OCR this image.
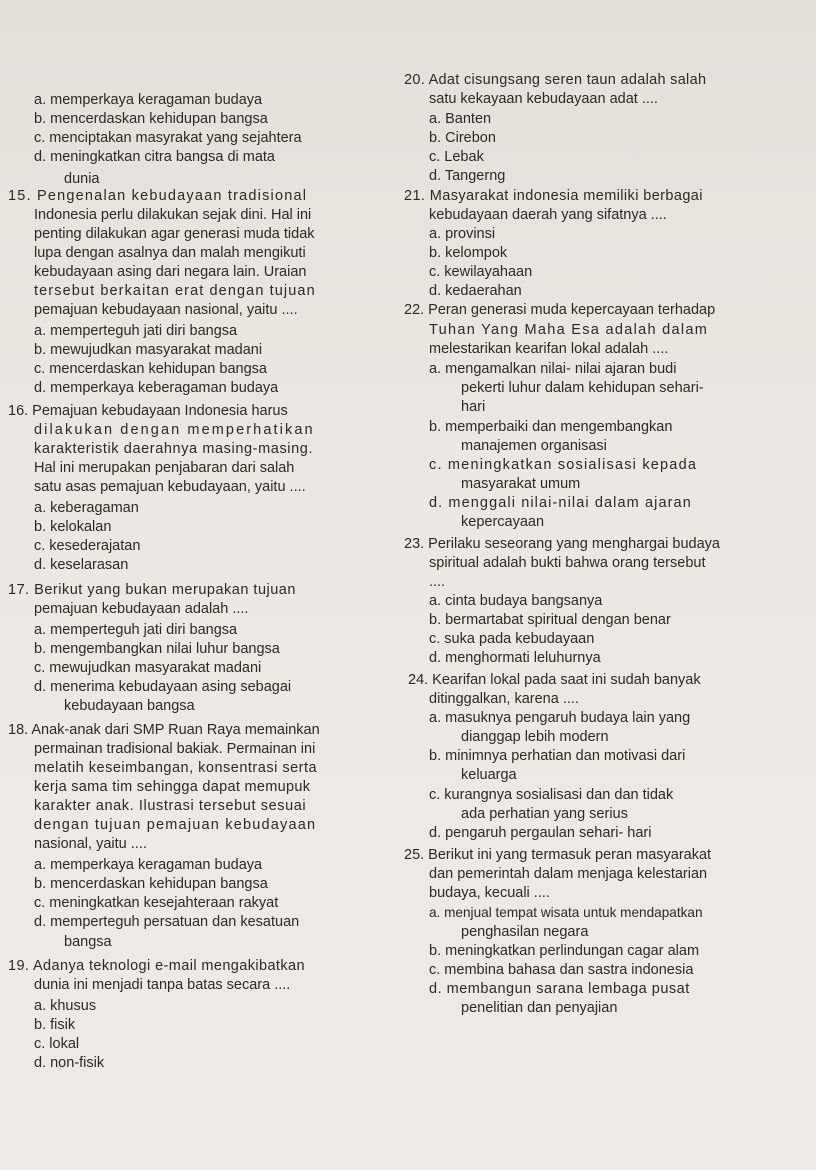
a. memperkaya keragaman budaya
b. mencerdaskan kehidupan bangsa
c. menciptakan masyrakat yang sejahtera
d. meningkatkan citra bangsa di mata
dunia
15. Pengenalan kebudayaan tradisional
Indonesia perlu dilakukan sejak dini. Hal ini
penting dilakukan agar generasi muda tidak
lupa dengan asalnya dan malah mengikuti
kebudayaan asing dari negara lain. Uraian
tersebut berkaitan erat dengan tujuan
pemajuan kebudayaan nasional, yaitu ....
a. memperteguh jati diri bangsa
b. mewujudkan masyarakat madani
c. mencerdaskan kehidupan bangsa
d. memperkaya keberagaman budaya
16. Pemajuan kebudayaan Indonesia harus
dilakukan dengan memperhatikan
karakteristik daerahnya masing-masing.
Hal ini merupakan penjabaran dari salah
satu asas pemajuan kebudayaan, yaitu ....
a. keberagaman
b. kelokalan
c. kesederajatan
d. keselarasan
17. Berikut yang bukan merupakan tujuan
pemajuan kebudayaan adalah ....
a. memperteguh jati diri bangsa
b. mengembangkan nilai luhur bangsa
c. mewujudkan masyarakat madani
d. menerima kebudayaan asing sebagai
kebudayaan bangsa
18. Anak-anak dari SMP Ruan Raya memainkan
permainan tradisional bakiak. Permainan ini
melatih keseimbangan, konsentrasi serta
kerja sama tim sehingga dapat memupuk
karakter anak. Ilustrasi tersebut sesuai
dengan tujuan pemajuan kebudayaan
nasional, yaitu ....
a. memperkaya keragaman budaya
b. mencerdaskan kehidupan bangsa
c. meningkatkan kesejahteraan rakyat
d. memperteguh persatuan dan kesatuan
bangsa
19. Adanya teknologi e-mail mengakibatkan
dunia ini menjadi tanpa batas secara ....
a. khusus
b. fisik
c. lokal
d. non-fisik
20. Adat cisungsang seren taun adalah salah
satu kekayaan kebudayaan adat ....
a. Banten
b. Cirebon
c. Lebak
d. Tangerng
21. Masyarakat indonesia memiliki berbagai
kebudayaan daerah yang sifatnya ....
a. provinsi
b. kelompok
c. kewilayahaan
d. kedaerahan
22. Peran generasi muda kepercayaan terhadap
Tuhan Yang Maha Esa adalah dalam
melestarikan kearifan lokal adalah ....
a. mengamalkan nilai- nilai ajaran budi
pekerti luhur dalam kehidupan sehari-
hari
b. memperbaiki dan mengembangkan
manajemen organisasi
c. meningkatkan sosialisasi kepada
masyarakat umum
d. menggali nilai-nilai dalam ajaran
kepercayaan
23. Perilaku seseorang yang menghargai budaya
spiritual adalah bukti bahwa orang tersebut
....
a. cinta budaya bangsanya
b. bermartabat spiritual dengan benar
c. suka pada kebudayaan
d. menghormati leluhurnya
24. Kearifan lokal pada saat ini sudah banyak
ditinggalkan, karena ....
a. masuknya pengaruh budaya lain yang
dianggap lebih modern
b. minimnya perhatian dan motivasi dari
keluarga
c. kurangnya sosialisasi dan dan tidak
ada perhatian yang serius
d. pengaruh pergaulan sehari- hari
25. Berikut ini yang termasuk peran masyarakat
dan pemerintah dalam menjaga kelestarian
budaya, kecuali ....
a. menjual tempat wisata untuk mendapatkan
penghasilan negara
b. meningkatkan perlindungan cagar alam
c. membina bahasa dan sastra indonesia
d. membangun sarana lembaga pusat
penelitian dan penyajian
